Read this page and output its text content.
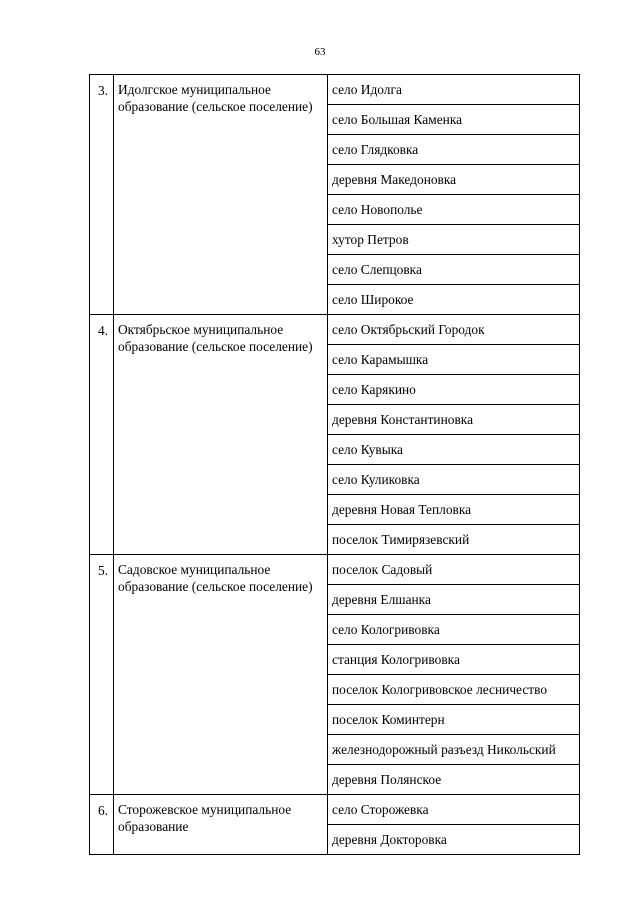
63
3.	Идолгское муниципальное образование (сельское поселение)	село Идолга
		село Большая Каменка
		село Глядковка
		деревня Македоновка
		село Новополье
		хутор Петров
		село Слепцовка
		село Широкое
4.	Октябрьское муниципальное образование (сельское поселение)	село Октябрьский Городок
		село Карамышка
		село Карякино
		деревня Константиновка
		село Кувыка
		село Куликовка
		деревня Новая Тепловка
		поселок Тимирязевский
5.	Садовское муниципальное образование (сельское поселение)	поселок Садовый
		деревня Елшанка
		село Кологривовка
		станция Кологривовка
		поселок Кологривовское лесничество
		поселок Коминтерн
		железнодорожный разъезд Никольский
		деревня Полянское
6.	Сторожевское муниципальное образование	село Сторожевка
		деревня Докторовка
